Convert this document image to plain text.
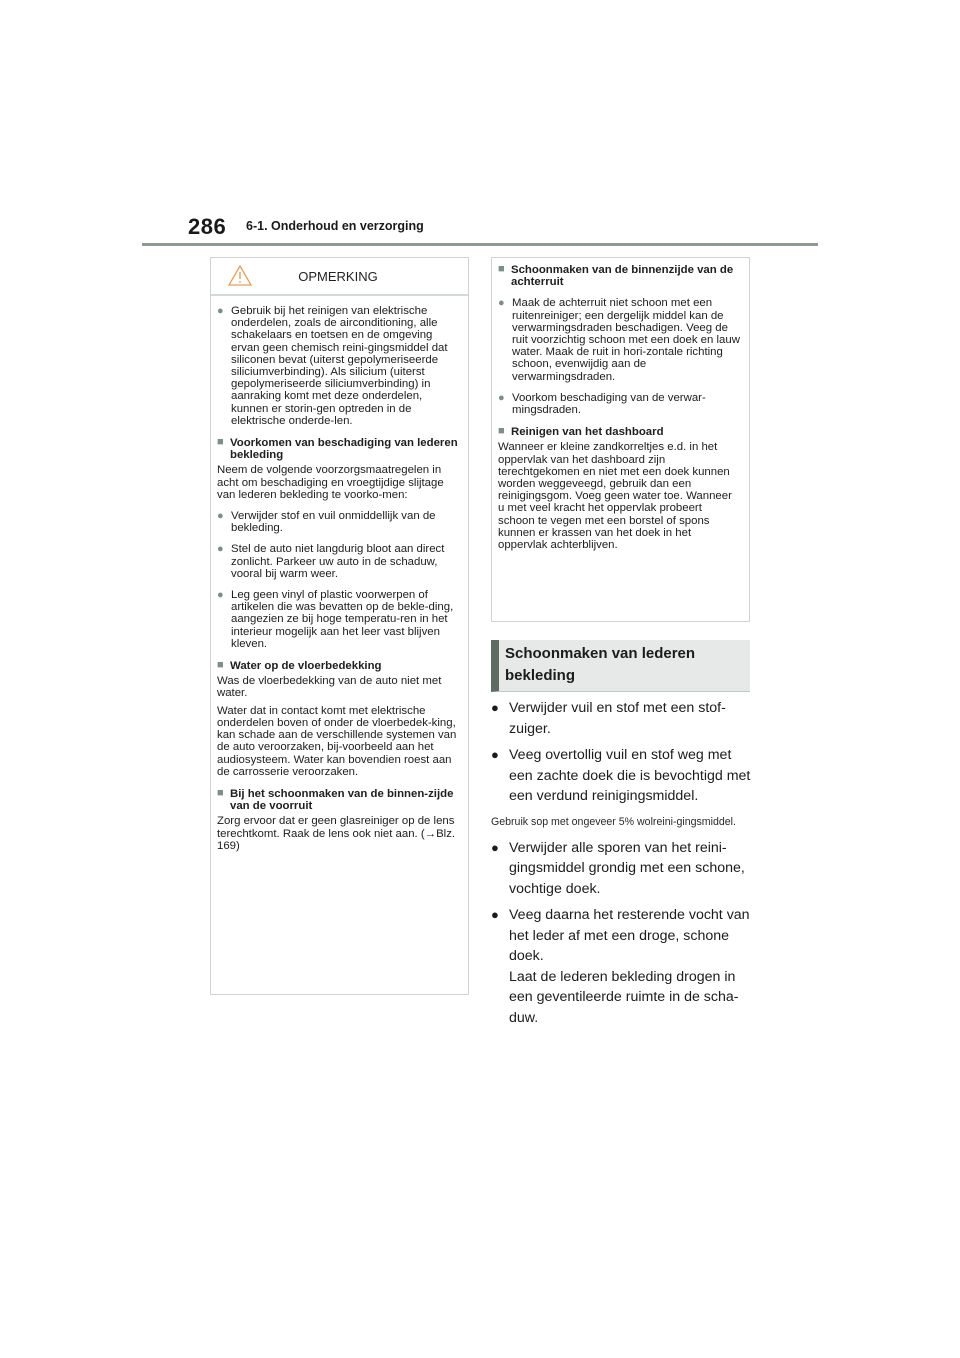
286 6-1. Onderhoud en verzorging
OPMERKING
● Gebruik bij het reinigen van elektrische onderdelen, zoals de airconditioning, alle schakelaars en toetsen en de omgeving ervan geen chemisch reini-gingsmiddel dat siliconen bevat (uiterst gepolymeriseerde siliciumverbinding). Als silicium (uiterst gepolymeriseerde siliciumverbinding) in aanraking komt met deze onderdelen, kunnen er storin-gen optreden in de elektrische onderde-len.
■ Voorkomen van beschadiging van lederen bekleding
Neem de volgende voorzorgsmaatregelen in acht om beschadiging en vroegtijdige slijtage van lederen bekleding te voorko-men:
● Verwijder stof en vuil onmiddellijk van de bekleding.
● Stel de auto niet langdurig bloot aan direct zonlicht. Parkeer uw auto in de schaduw, vooral bij warm weer.
● Leg geen vinyl of plastic voorwerpen of artikelen die was bevatten op de bekle-ding, aangezien ze bij hoge temperatu-ren in het interieur mogelijk aan het leer vast blijven kleven.
■ Water op de vloerbedekking
Was de vloerbedekking van de auto niet met water.
Water dat in contact komt met elektrische onderdelen boven of onder de vloerbedek-king, kan schade aan de verschillende systemen van de auto veroorzaken, bij-voorbeeld aan het audiosysteem. Water kan bovendien roest aan de carrosserie veroorzaken.
■ Bij het schoonmaken van de binnen-zijde van de voorruit
Zorg ervoor dat er geen glasreiniger op de lens terechtkomt. Raak de lens ook niet aan. (→Blz. 169)
■ Schoonmaken van de binnenzijde van de achterruit
● Maak de achterruit niet schoon met een ruitenreiniger; een dergelijk middel kan de verwarmingsdraden beschadigen. Veeg de ruit voorzichtig schoon met een doek en lauw water. Maak de ruit in hori-zontale richting schoon, evenwijdig aan de verwarmingsdraden.
● Voorkom beschadiging van de verwar-mingsdraden.
■ Reinigen van het dashboard
Wanneer er kleine zandkorreltjes e.d. in het oppervlak van het dashboard zijn terechtgekomen en niet met een doek kunnen worden weggeveegd, gebruik dan een reinigingsgom. Voeg geen water toe. Wanneer u met veel kracht het oppervlak probeert schoon te vegen met een borstel of spons kunnen er krassen van het doek in het oppervlak achterblijven.
Schoonmaken van lederen bekleding

● Verwijder vuil en stof met een stof-zuiger.

● Veeg overtollig vuil en stof weg met een zachte doek die is bevochtigd met een verdund reinigingsmiddel.

Gebruik sop met ongeveer 5% wolreini-gingsmiddel.

● Verwijder alle sporen van het reini-gingsmiddel grondig met een schone, vochtige doek.

● Veeg daarna het resterende vocht van het leder af met een droge, schone doek.

Laat de lederen bekleding drogen in een geventileerde ruimte in de scha-duw.
